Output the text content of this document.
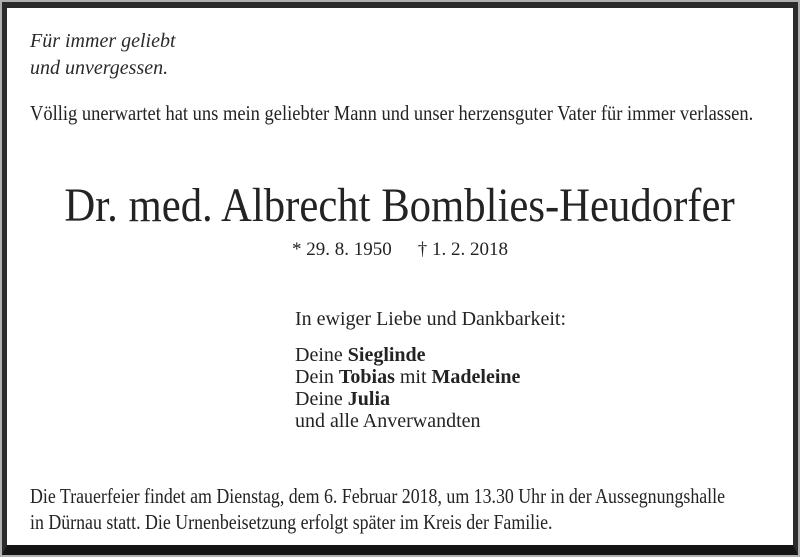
Für immer geliebt
und unvergessen.
Völlig unerwartet hat uns mein geliebter Mann und unser herzensguter Vater für immer verlassen.
Dr. med. Albrecht Bomblies-Heudorfer
* 29. 8. 1950 † 1. 2. 2018
In ewiger Liebe und Dankbarkeit:
Deine Sieglinde
Dein Tobias mit Madeleine
Deine Julia
und alle Anverwandten
Die Trauerfeier findet am Dienstag, dem 6. Februar 2018, um 13.30 Uhr in der Aussegnungshalle
in Dürnau statt. Die Urnenbeisetzung erfolgt später im Kreis der Familie.
